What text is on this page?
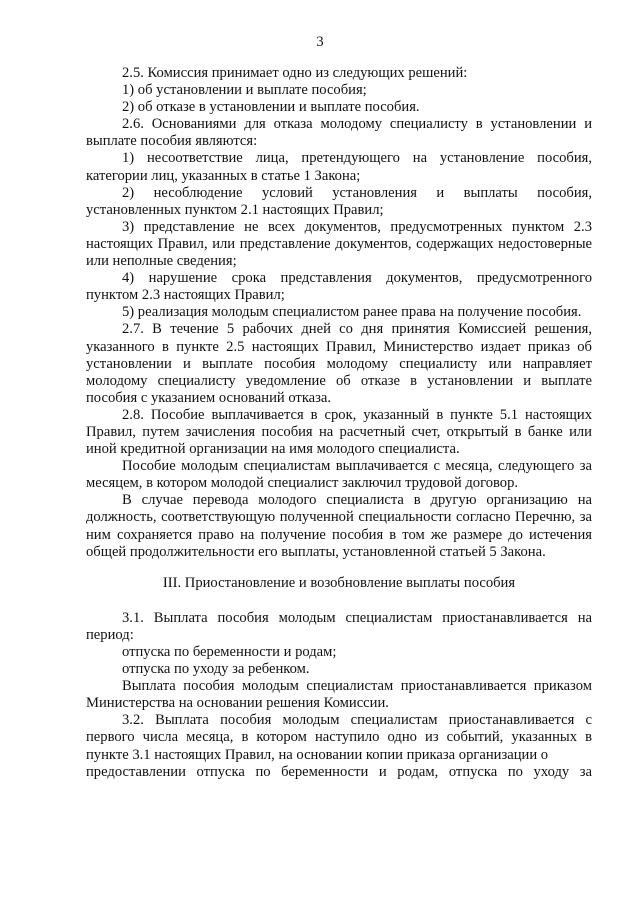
3

2.5. Комиссия принимает одно из следующих решений:

1) об установлении и выплате пособия;

2) об отказе в установлении и выплате пособия.

2.6. Основаниями для отказа молодому специалисту в установлении и выплате пособия являются:

1) несоответствие лица, претендующего на установление пособия, категории лиц, указанных в статье 1 Закона;

2) несоблюдение условий установления и выплаты пособия, установленных пунктом 2.1 настоящих Правил;

3) представление не всех документов, предусмотренных пунктом 2.3 настоящих Правил, или представление документов, содержащих недостоверные или неполные сведения;

4) нарушение срока представления документов, предусмотренного пунктом 2.3 настоящих Правил;

5) реализация молодым специалистом ранее права на получение пособия.

2.7. В течение 5 рабочих дней со дня принятия Комиссией решения, указанного в пункте 2.5 настоящих Правил, Министерство издает приказ об установлении и выплате пособия молодому специалисту или направляет молодому специалисту уведомление об отказе в установлении и выплате пособия с указанием оснований отказа.

2.8. Пособие выплачивается в срок, указанный в пункте 5.1 настоящих Правил, путем зачисления пособия на расчетный счет, открытый в банке или иной кредитной организации на имя молодого специалиста.

Пособие молодым специалистам выплачивается с месяца, следующего за месяцем, в котором молодой специалист заключил трудовой договор.

В случае перевода молодого специалиста в другую организацию на должность, соответствующую полученной специальности согласно Перечню, за ним сохраняется право на получение пособия в том же размере до истечения общей продолжительности его выплаты, установленной статьей 5 Закона.

III. Приостановление и возобновление выплаты пособия

3.1. Выплата пособия молодым специалистам приостанавливается на период:

отпуска по беременности и родам;

отпуска по уходу за ребенком.

Выплата пособия молодым специалистам приостанавливается приказом Министерства на основании решения Комиссии.

3.2. Выплата пособия молодым специалистам приостанавливается с первого числа месяца, в котором наступило одно из событий, указанных в пункте 3.1 настоящих Правил, на основании копии приказа организации о

предоставлении отпуска по беременности и родам, отпуска по уходу за
